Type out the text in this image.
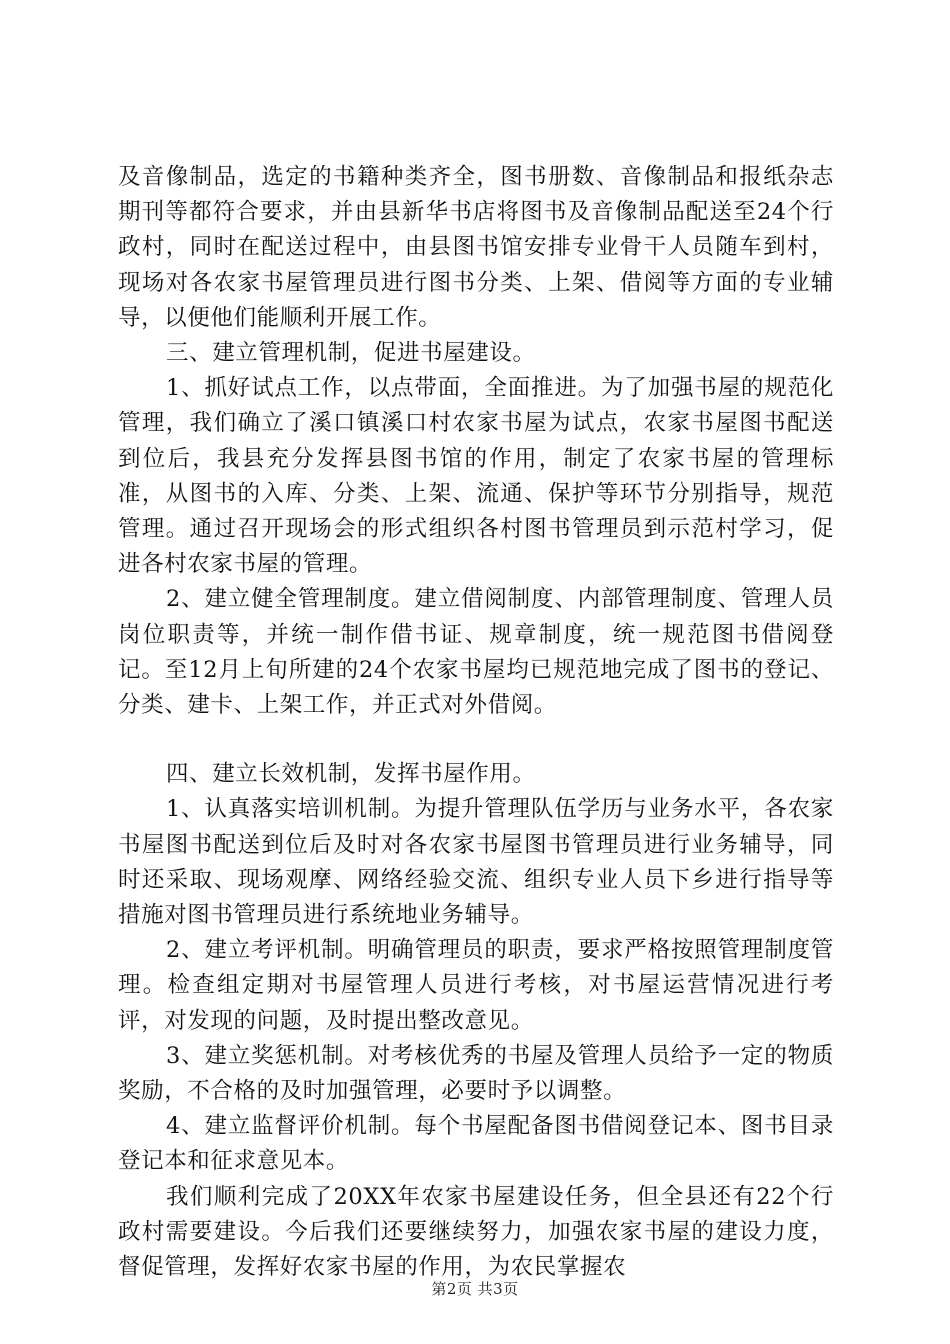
及音像制品，选定的书籍种类齐全，图书册数、音像制品和报纸杂志期刊等都符合要求，并由县新华书店将图书及音像制品配送至24个行政村，同时在配送过程中，由县图书馆安排专业骨干人员随车到村，现场对各农家书屋管理员进行图书分类、上架、借阅等方面的专业辅导，以便他们能顺利开展工作。

三、建立管理机制，促进书屋建设。

1、抓好试点工作，以点带面，全面推进。为了加强书屋的规范化管理，我们确立了溪口镇溪口村农家书屋为试点，农家书屋图书配送到位后，我县充分发挥县图书馆的作用，制定了农家书屋的管理标准，从图书的入库、分类、上架、流通、保护等环节分别指导，规范管理。通过召开现场会的形式组织各村图书管理员到示范村学习，促进各村农家书屋的管理。

2、建立健全管理制度。建立借阅制度、内部管理制度、管理人员岗位职责等，并统一制作借书证、规章制度，统一规范图书借阅登记。至12月上旬所建的24个农家书屋均已规范地完成了图书的登记、分类、建卡、上架工作，并正式对外借阅。

四、建立长效机制，发挥书屋作用。

1、认真落实培训机制。为提升管理队伍学历与业务水平，各农家书屋图书配送到位后及时对各农家书屋图书管理员进行业务辅导，同时还采取、现场观摩、网络经验交流、组织专业人员下乡进行指导等措施对图书管理员进行系统地业务辅导。

2、建立考评机制。明确管理员的职责，要求严格按照管理制度管理。检查组定期对书屋管理人员进行考核，对书屋运营情况进行考评，对发现的问题，及时提出整改意见。

3、建立奖惩机制。对考核优秀的书屋及管理人员给予一定的物质奖励，不合格的及时加强管理，必要时予以调整。

4、建立监督评价机制。每个书屋配备图书借阅登记本、图书目录登记本和征求意见本。

我们顺利完成了20XX年农家书屋建设任务，但全县还有22个行政村需要建设。今后我们还要继续努力，加强农家书屋的建设力度，督促管理，发挥好农家书屋的作用，为农民掌握农

第2页 共3页
